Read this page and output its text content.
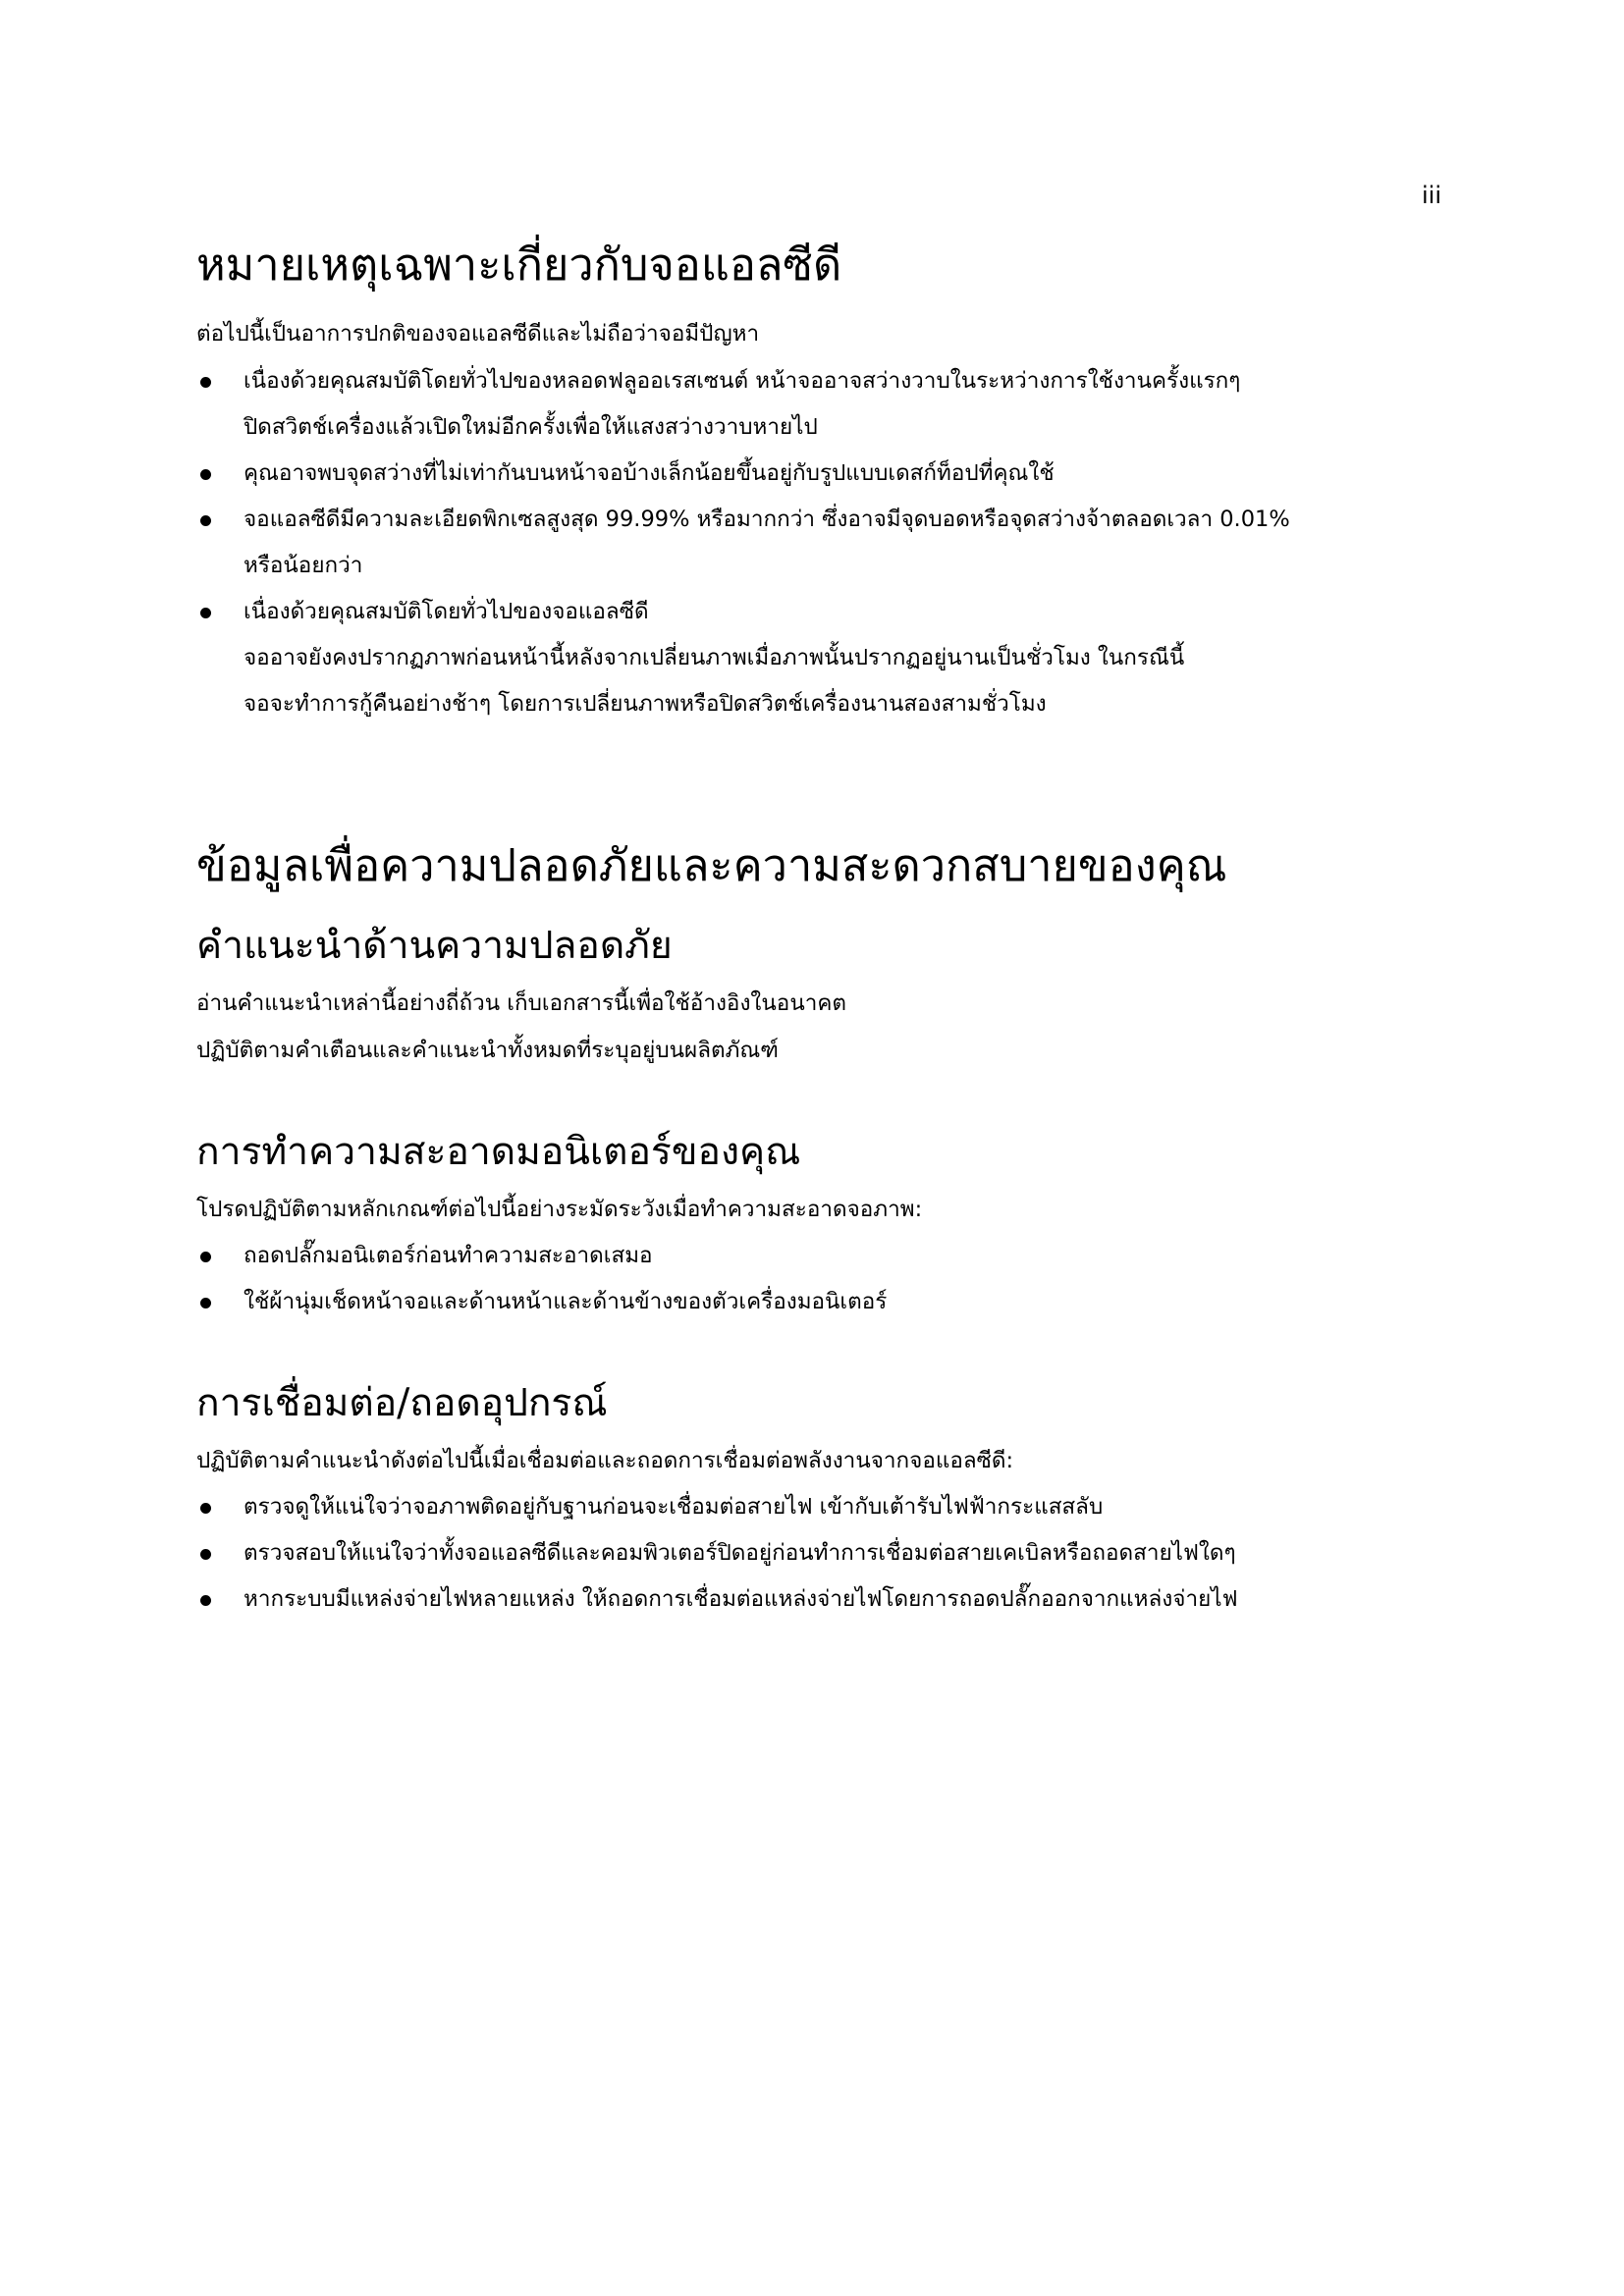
iii
หมายเหตุเฉพาะเกี่ยวกับจอแอลซีดี

ต่อไปนี้เป็นอาการปกติของจอแอลซีดีและไม่ถือว่าจอมีปัญหา

เนื่องด้วยคุณสมบัติโดยทั่วไปของหลอดฟลูออเรสเซนต์ หน้าจออาจสว่างวาบในระหว่างการใช้งานครั้งแรกๆ
ปิดสวิตช์เครื่องแล้วเปิดใหม่อีกครั้งเพื่อให้แสงสว่างวาบหายไป
คุณอาจพบจุดสว่างที่ไม่เท่ากันบนหน้าจอบ้างเล็กน้อยขึ้นอยู่กับรูปแบบเดสก์ท็อปที่คุณใช้
จอแอลซีดีมีความละเอียดพิกเซลสูงสุด 99.99% หรือมากกว่า ซึ่งอาจมีจุดบอดหรือจุดสว่างจ้าตลอดเวลา 0.01%
หรือน้อยกว่า
เนื่องด้วยคุณสมบัติโดยทั่วไปของจอแอลซีดี
จออาจยังคงปรากฏภาพก่อนหน้านี้หลังจากเปลี่ยนภาพเมื่อภาพนั้นปรากฏอยู่นานเป็นชั่วโมง ในกรณีนี้
จอจะทำการกู้คืนอย่างช้าๆ โดยการเปลี่ยนภาพหรือปิดสวิตช์เครื่องนานสองสามชั่วโมง
ข้อมูลเพื่อความปลอดภัยและความสะดวกสบายของคุณ
คำแนะนำด้านความปลอดภัย

อ่านคำแนะนำเหล่านี้อย่างถี่ถ้วน เก็บเอกสารนี้เพื่อใช้อ้างอิงในอนาคต

ปฏิบัติตามคำเตือนและคำแนะนำทั้งหมดที่ระบุอยู่บนผลิตภัณฑ์

การทำความสะอาดมอนิเตอร์ของคุณ

โปรดปฏิบัติตามหลักเกณฑ์ต่อไปนี้อย่างระมัดระวังเมื่อทำความสะอาดจอภาพ:

ถอดปลั๊กมอนิเตอร์ก่อนทำความสะอาดเสมอ
ใช้ผ้านุ่มเช็ดหน้าจอและด้านหน้าและด้านข้างของตัวเครื่องมอนิเตอร์
การเชื่อมต่อ/ถอดอุปกรณ์

ปฏิบัติตามคำแนะนำดังต่อไปนี้เมื่อเชื่อมต่อและถอดการเชื่อมต่อพลังงานจากจอแอลซีดี:

ตรวจดูให้แน่ใจว่าจอภาพติดอยู่กับฐานก่อนจะเชื่อมต่อสายไฟ เข้ากับเต้ารับไฟฟ้ากระแสสลับ
ตรวจสอบให้แน่ใจว่าทั้งจอแอลซีดีและคอมพิวเตอร์ปิดอยู่ก่อนทำการเชื่อมต่อสายเคเบิลหรือถอดสายไฟใดๆ
หากระบบมีแหล่งจ่ายไฟหลายแหล่ง ให้ถอดการเชื่อมต่อแหล่งจ่ายไฟโดยการถอดปลั๊กออกจากแหล่งจ่ายไฟ
